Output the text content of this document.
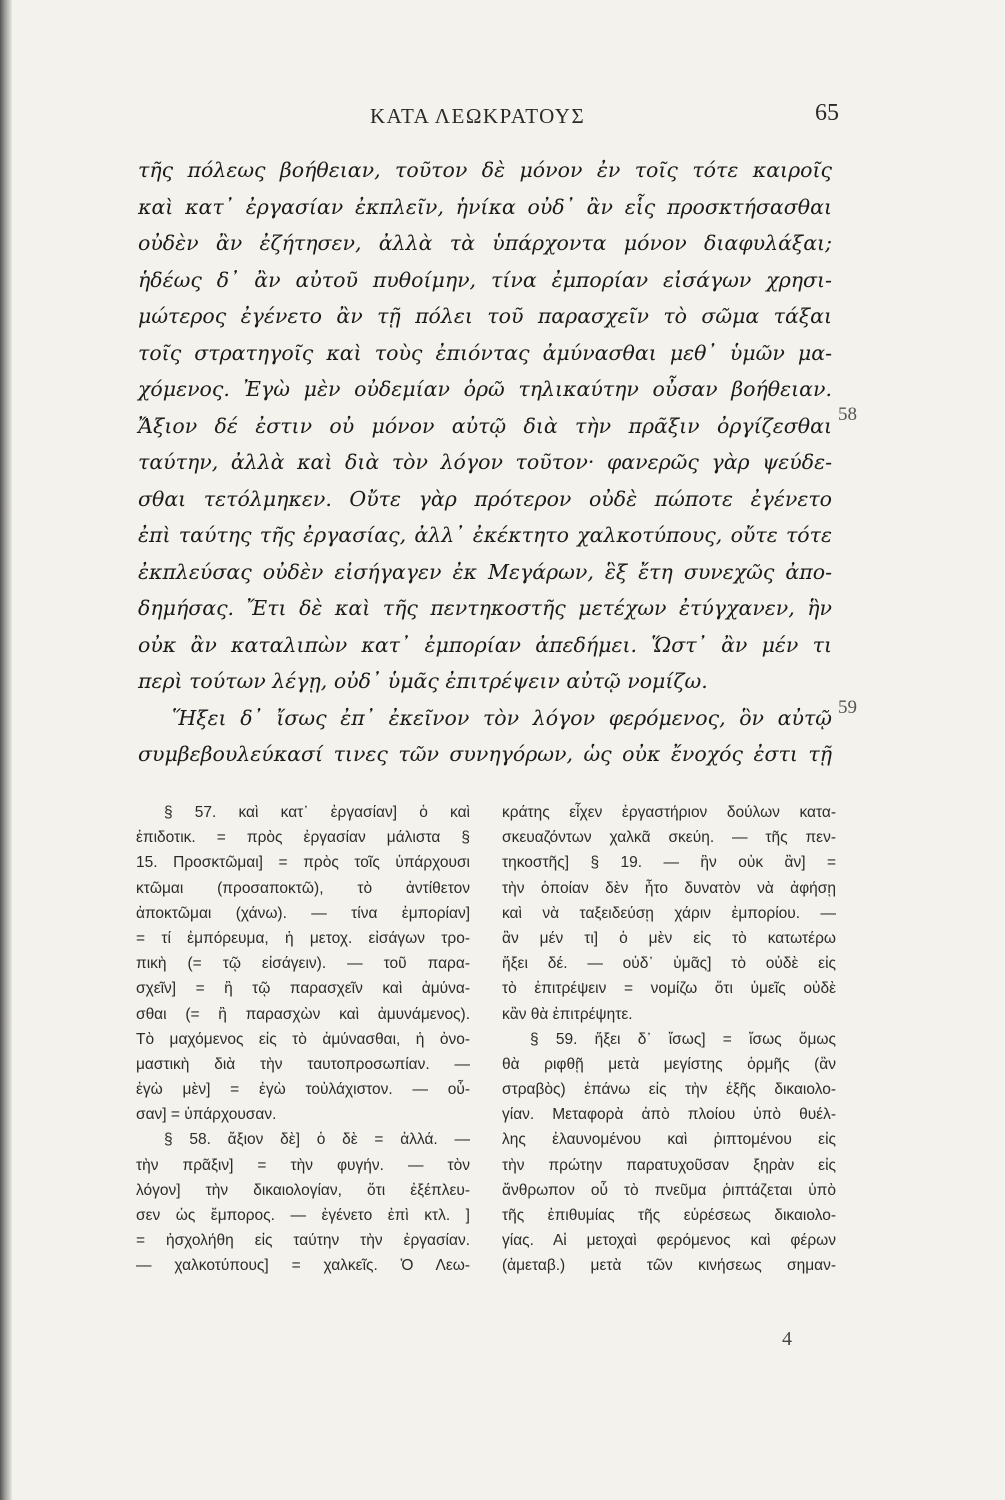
ΚΑΤΑ ΛΕΩΚΡΑΤΟΥΣ	65
τῆς πόλεως βοήθειαν, τοῦτον δὲ μόνον ἐν τοῖς τότε καιροῖς
καὶ κατ᾽ ἐργασίαν ἐκπλεῖν, ἡνίκα οὐδ᾽ ἂν εἷς προσκτήσασθαι
οὐδὲν ἂν ἐζήτησεν, ἀλλὰ τὰ ὑπάρχοντα μόνον διαφυλάξαι;
ἡδέως δ᾽ ἂν αὐτοῦ πυθοίμην, τίνα ἐμπορίαν εἰσάγων χρησι-
μώτερος ἐγένετο ἂν τῇ πόλει τοῦ παρασχεῖν τὸ σῶμα τάξαι
τοῖς στρατηγοῖς καὶ τοὺς ἐπιόντας ἀμύνασθαι μεθ᾽ ὑμῶν μα-
χόμενος. Ἐγὼ μὲν οὐδεμίαν ὁρῶ τηλικαύτην οὖσαν βοήθειαν.
Ἄξιον δέ ἐστιν οὐ μόνον αὐτῷ διὰ τὴν πρᾶξιν ὀργίζεσθαι
ταύτην, ἀλλὰ καὶ διὰ τὸν λόγον τοῦτον· φανερῶς γὰρ ψεύδε-
σθαι τετόλμηκεν. Οὔτε γὰρ πρότερον οὐδὲ πώποτε ἐγένετο
ἐπὶ ταύτης τῆς ἐργασίας, ἀλλ᾽ ἐκέκτητο χαλκοτύπους, οὔτε τότε
ἐκπλεύσας οὐδὲν εἰσήγαγεν ἐκ Μεγάρων, ἓξ ἔτη συνεχῶς ἀπο-
δημήσας. Ἔτι δὲ καὶ τῆς πεντηκοστῆς μετέχων ἐτύγχανεν, ἣν
οὐκ ἂν καταλιπὼν κατ᾽ ἐμπορίαν ἀπεδήμει. Ὥστ᾽ ἂν μέν τι
περὶ τούτων λέγῃ, οὐδ᾽ ὑμᾶς ἐπιτρέψειν αὐτῷ νομίζω.
Ἥξει δ᾽ ἴσως ἐπ᾽ ἐκεῖνον τὸν λόγον φερόμενος, ὃν αὐτῷ
συμβεβουλεύκασί τινες τῶν συνηγόρων, ὡς οὐκ ἔνοχός ἐστι τῇ
58
59
§ 57. καὶ κατ᾽ ἐργασίαν] ὁ καὶ
ἐπιδοτικ. = πρὸς ἐργασίαν μάλιστα §
15. Προσκτῶμαι] = πρὸς τοῖς ὑπάρχουσι
κτῶμαι (προσαποκτῶ), τὸ ἀντίθετον
ἀποκτῶμαι (χάνω). — τίνα ἐμπορίαν]
= τί ἐμπόρευμα, ἡ μετοχ. εἰσάγων τρο-
πικὴ (= τῷ εἰσάγειν). — τοῦ παρα-
σχεῖν] = ἢ τῷ παρασχεῖν καὶ ἀμύνα-
σθαι (= ἢ παρασχὼν καὶ ἀμυνάμενος).
Τὸ μαχόμενος εἰς τὸ ἀμύνασθαι, ἡ ὀνο-
μαστικὴ διὰ τὴν ταυτοπροσωπίαν. —
ἐγὼ μὲν] = ἐγὼ τοὐλάχιστον. — οὖ-
σαν] = ὑπάρχουσαν.
§ 58. ἄξιον δὲ] ὁ δὲ = ἀλλά. —
τὴν πρᾶξιν] = τὴν φυγήν. — τὸν
λόγον] τὴν δικαιολογίαν, ὅτι ἐξέπλευ-
σεν ὡς ἔμπορος. — ἐγένετο ἐπὶ κτλ. ]
= ἠσχολήθη εἰς ταύτην τὴν ἐργασίαν.
— χαλκοτύπους] = χαλκεῖς. Ὁ Λεω-
κράτης εἶχεν ἐργαστήριον δούλων κατα-
σκευαζόντων χαλκᾶ σκεύη. — τῆς πεν-
τηκοστῆς] § 19. — ἣν οὐκ ἂν] =
τὴν ὁποίαν δὲν ἦτο δυνατὸν νὰ ἀφήσῃ
καὶ νὰ ταξειδεύσῃ χάριν ἐμπορίου. —
ἂν μέν τι] ὁ μὲν εἰς τὸ κατωτέρω
ἥξει δέ. — οὐδ᾽ ὑμᾶς] τὸ οὐδὲ εἰς
τὸ ἐπιτρέψειν = νομίζω ὅτι ὑμεῖς οὐδὲ
κἂν θὰ ἐπιτρέψητε.
§ 59. ἥξει δ᾽ ἴσως] = ἴσως ὅμως
θὰ ριφθῇ μετὰ μεγίστης ὁρμῆς (ἂν
στραβὸς) ἐπάνω εἰς τὴν ἑξῆς δικαιολο-
γίαν. Μεταφορὰ ἀπὸ πλοίου ὑπὸ θυέλ-
λης ἐλαυνομένου καὶ ῥιπτομένου εἰς
τὴν πρώτην παρατυχοῦσαν ξηρὰν εἰς
ἄνθρωπον οὗ τὸ πνεῦμα ῥιπτάζεται ὑπὸ
τῆς ἐπιθυμίας τῆς εὑρέσεως δικαιολο-
γίας. Αἱ μετοχαὶ φερόμενος καὶ φέρων
(ἀμεταβ.) μετὰ τῶν κινήσεως σημαν-
4
